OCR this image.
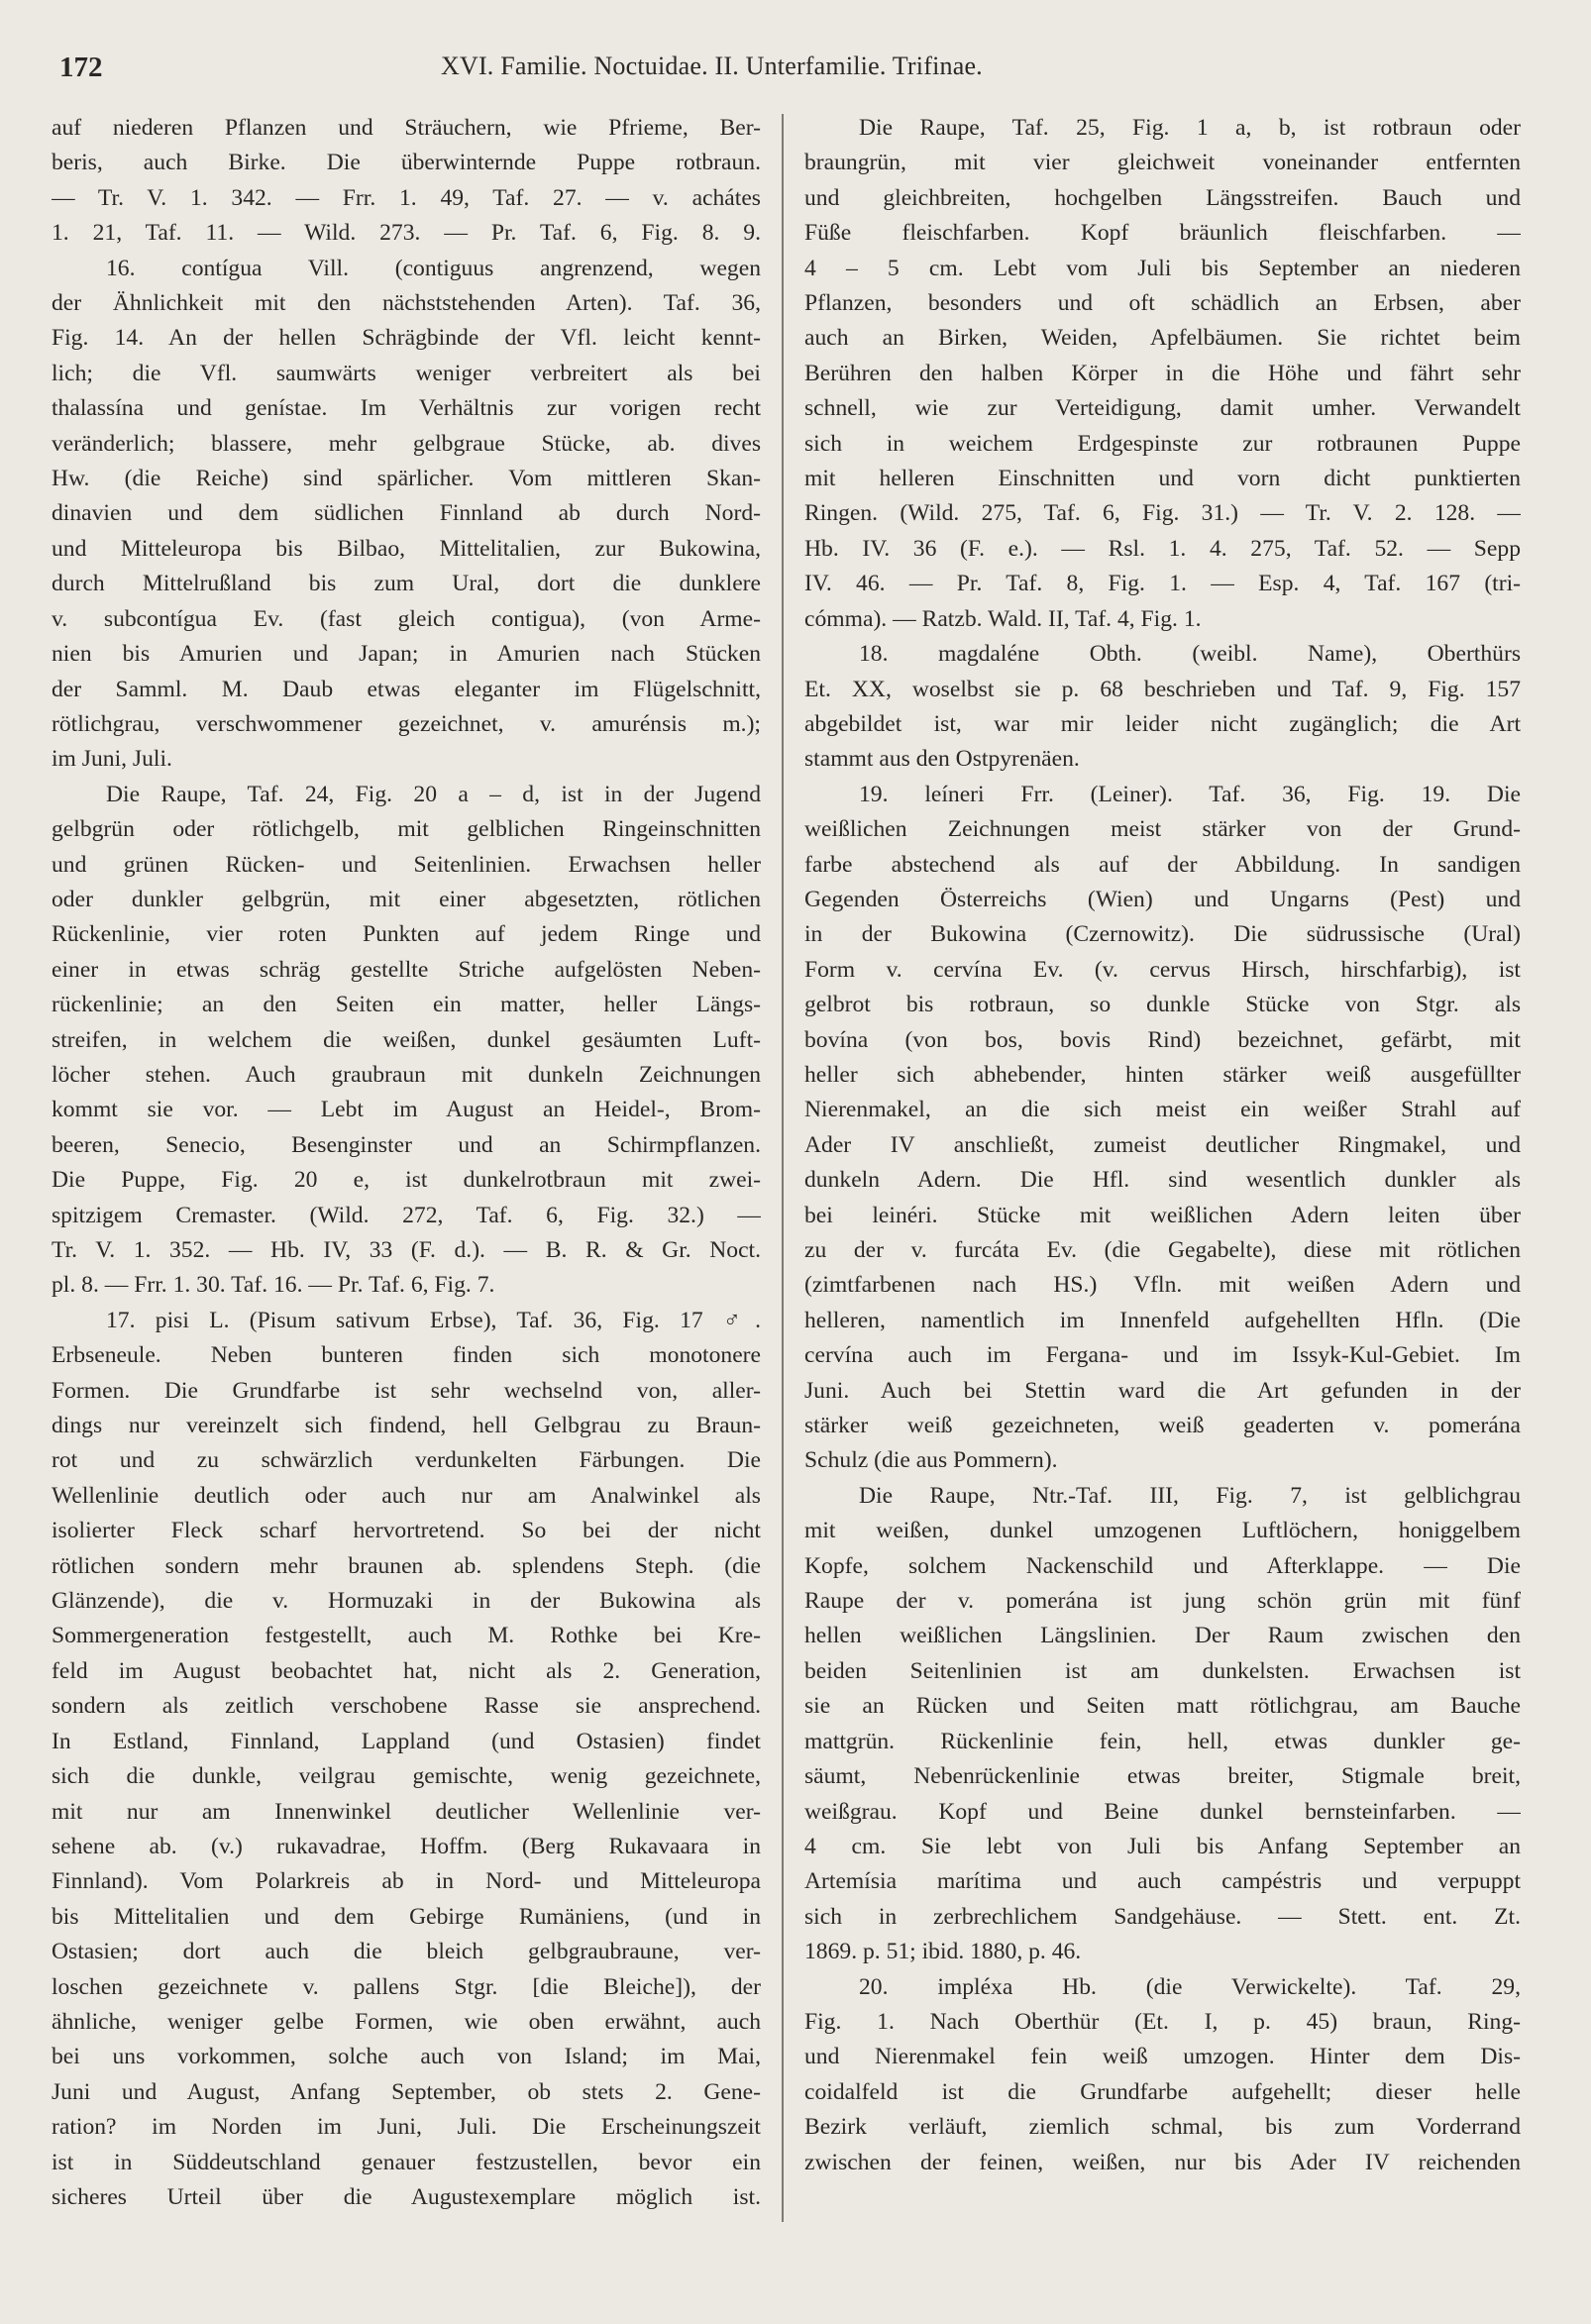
172	XVI. Familie. Noctuidae. II. Unterfamilie. Trifinae.
auf niederen Pflanzen und Sträuchern, wie Pfrieme, Ber-
beris, auch Birke. Die überwinternde Puppe rotbraun.
— Tr. V. 1. 342. — Frr. 1. 49, Taf. 27. — v. achátes
1. 21, Taf. 11. — Wild. 273. — Pr. Taf. 6, Fig. 8. 9.
16. contígua Vill. (contiguus angrenzend, wegen
der Ähnlichkeit mit den nächststehenden Arten). Taf. 36,
Fig. 14. An der hellen Schrägbinde der Vfl. leicht kennt-
lich; die Vfl. saumwärts weniger verbreitert als bei
thalassína und genístae. Im Verhältnis zur vorigen recht
veränderlich; blassere, mehr gelbgraue Stücke, ab. dives
Hw. (die Reiche) sind spärlicher. Vom mittleren Skan-
dinavien und dem südlichen Finnland ab durch Nord-
und Mitteleuropa bis Bilbao, Mittelitalien, zur Bukowina,
durch Mittelrußland bis zum Ural, dort die dunklere
v. subcontígua Ev. (fast gleich contigua), (von Arme-
nien bis Amurien und Japan; in Amurien nach Stücken
der Samml. M. Daub etwas eleganter im Flügelschnitt,
rötlichgrau, verschwommener gezeichnet, v. amurénsis m.);
im Juni, Juli.
Die Raupe, Taf. 24, Fig. 20 a – d, ist in der Jugend
gelbgrün oder rötlichgelb, mit gelblichen Ringeinschnitten
und grünen Rücken- und Seitenlinien. Erwachsen heller
oder dunkler gelbgrün, mit einer abgesetzten, rötlichen
Rückenlinie, vier roten Punkten auf jedem Ringe und
einer in etwas schräg gestellte Striche aufgelösten Neben-
rückenlinie; an den Seiten ein matter, heller Längs-
streifen, in welchem die weißen, dunkel gesäumten Luft-
löcher stehen. Auch graubraun mit dunkeln Zeichnungen
kommt sie vor. — Lebt im August an Heidel-, Brom-
beeren, Senecio, Besenginster und an Schirmpflanzen.
Die Puppe, Fig. 20 e, ist dunkelrotbraun mit zwei-
spitzigem Cremaster. (Wild. 272, Taf. 6, Fig. 32.) —
Tr. V. 1. 352. — Hb. IV, 33 (F. d.). — B. R. & Gr. Noct.
pl. 8. — Frr. 1. 30. Taf. 16. — Pr. Taf. 6, Fig. 7.
17. pisi L. (Pisum sativum Erbse), Taf. 36, Fig. 17 ♂.
Erbseneule. Neben bunteren finden sich monotonere
Formen. Die Grundfarbe ist sehr wechselnd von, aller-
dings nur vereinzelt sich findend, hell Gelbgrau zu Braun-
rot und zu schwärzlich verdunkelten Färbungen. Die
Wellenlinie deutlich oder auch nur am Analwinkel als
isolierter Fleck scharf hervortretend. So bei der nicht
rötlichen sondern mehr braunen ab. splendens Steph. (die
Glänzende), die v. Hormuzaki in der Bukowina als
Sommergeneration festgestellt, auch M. Rothke bei Kre-
feld im August beobachtet hat, nicht als 2. Generation,
sondern als zeitlich verschobene Rasse sie ansprechend.
In Estland, Finnland, Lappland (und Ostasien) findet
sich die dunkle, veilgrau gemischte, wenig gezeichnete,
mit nur am Innenwinkel deutlicher Wellenlinie ver-
sehene ab. (v.) rukavadrae, Hoffm. (Berg Rukavaara in
Finnland). Vom Polarkreis ab in Nord- und Mitteleuropa
bis Mittelitalien und dem Gebirge Rumäniens, (und in
Ostasien; dort auch die bleich gelbgraubraune, ver-
loschen gezeichnete v. pallens Stgr. [die Bleiche]), der
ähnliche, weniger gelbe Formen, wie oben erwähnt, auch
bei uns vorkommen, solche auch von Island; im Mai,
Juni und August, Anfang September, ob stets 2. Gene-
ration? im Norden im Juni, Juli. Die Erscheinungszeit
ist in Süddeutschland genauer festzustellen, bevor ein
sicheres Urteil über die Augustexemplare möglich ist.
Die Raupe, Taf. 25, Fig. 1 a, b, ist rotbraun oder
braungrün, mit vier gleichweit voneinander entfernten
und gleichbreiten, hochgelben Längsstreifen. Bauch und
Füße fleischfarben. Kopf bräunlich fleischfarben. —
4 – 5 cm. Lebt vom Juli bis September an niederen
Pflanzen, besonders und oft schädlich an Erbsen, aber
auch an Birken, Weiden, Apfelbäumen. Sie richtet beim
Berühren den halben Körper in die Höhe und fährt sehr
schnell, wie zur Verteidigung, damit umher. Verwandelt
sich in weichem Erdgespinste zur rotbraunen Puppe
mit helleren Einschnitten und vorn dicht punktierten
Ringen. (Wild. 275, Taf. 6, Fig. 31.) — Tr. V. 2. 128. —
Hb. IV. 36 (F. e.). — Rsl. 1. 4. 275, Taf. 52. — Sepp
IV. 46. — Pr. Taf. 8, Fig. 1. — Esp. 4, Taf. 167 (tri-
cómma). — Ratzb. Wald. II, Taf. 4, Fig. 1.
18. magdaléne Obth. (weibl. Name), Oberthürs
Et. XX, woselbst sie p. 68 beschrieben und Taf. 9, Fig. 157
abgebildet ist, war mir leider nicht zugänglich; die Art
stammt aus den Ostpyrenäen.
19. leíneri Frr. (Leiner). Taf. 36, Fig. 19. Die
weißlichen Zeichnungen meist stärker von der Grund-
farbe abstechend als auf der Abbildung. In sandigen
Gegenden Österreichs (Wien) und Ungarns (Pest) und
in der Bukowina (Czernowitz). Die südrussische (Ural)
Form v. cervína Ev. (v. cervus Hirsch, hirschfarbig), ist
gelbrot bis rotbraun, so dunkle Stücke von Stgr. als
bovína (von bos, bovis Rind) bezeichnet, gefärbt, mit
heller sich abhebender, hinten stärker weiß ausgefüllter
Nierenmakel, an die sich meist ein weißer Strahl auf
Ader IV anschließt, zumeist deutlicher Ringmakel, und
dunkeln Adern. Die Hfl. sind wesentlich dunkler als
bei leinéri. Stücke mit weißlichen Adern leiten über
zu der v. furcáta Ev. (die Gegabelte), diese mit rötlichen
(zimtfarbenen nach HS.) Vfln. mit weißen Adern und
helleren, namentlich im Innenfeld aufgehellten Hfln. (Die
cervína auch im Fergana- und im Issyk-Kul-Gebiet. Im
Juni. Auch bei Stettin ward die Art gefunden in der
stärker weiß gezeichneten, weiß geaderten v. pomerána
Schulz (die aus Pommern).
Die Raupe, Ntr.-Taf. III, Fig. 7, ist gelblichgrau
mit weißen, dunkel umzogenen Luftlöchern, honiggelbem
Kopfe, solchem Nackenschild und Afterklappe. — Die
Raupe der v. pomerána ist jung schön grün mit fünf
hellen weißlichen Längslinien. Der Raum zwischen den
beiden Seitenlinien ist am dunkelsten. Erwachsen ist
sie an Rücken und Seiten matt rötlichgrau, am Bauche
mattgrün. Rückenlinie fein, hell, etwas dunkler ge-
säumt, Nebenrückenlinie etwas breiter, Stigmale breit,
weißgrau. Kopf und Beine dunkel bernsteinfarben. —
4 cm. Sie lebt von Juli bis Anfang September an
Artemísia marítima und auch campéstris und verpuppt
sich in zerbrechlichem Sandgehäuse. — Stett. ent. Zt.
1869. p. 51; ibid. 1880, p. 46.
20. impléxa Hb. (die Verwickelte). Taf. 29,
Fig. 1. Nach Oberthür (Et. I, p. 45) braun, Ring-
und Nierenmakel fein weiß umzogen. Hinter dem Dis-
coidalfeld ist die Grundfarbe aufgehellt; dieser helle
Bezirk verläuft, ziemlich schmal, bis zum Vorderrand
zwischen der feinen, weißen, nur bis Ader IV reichenden
